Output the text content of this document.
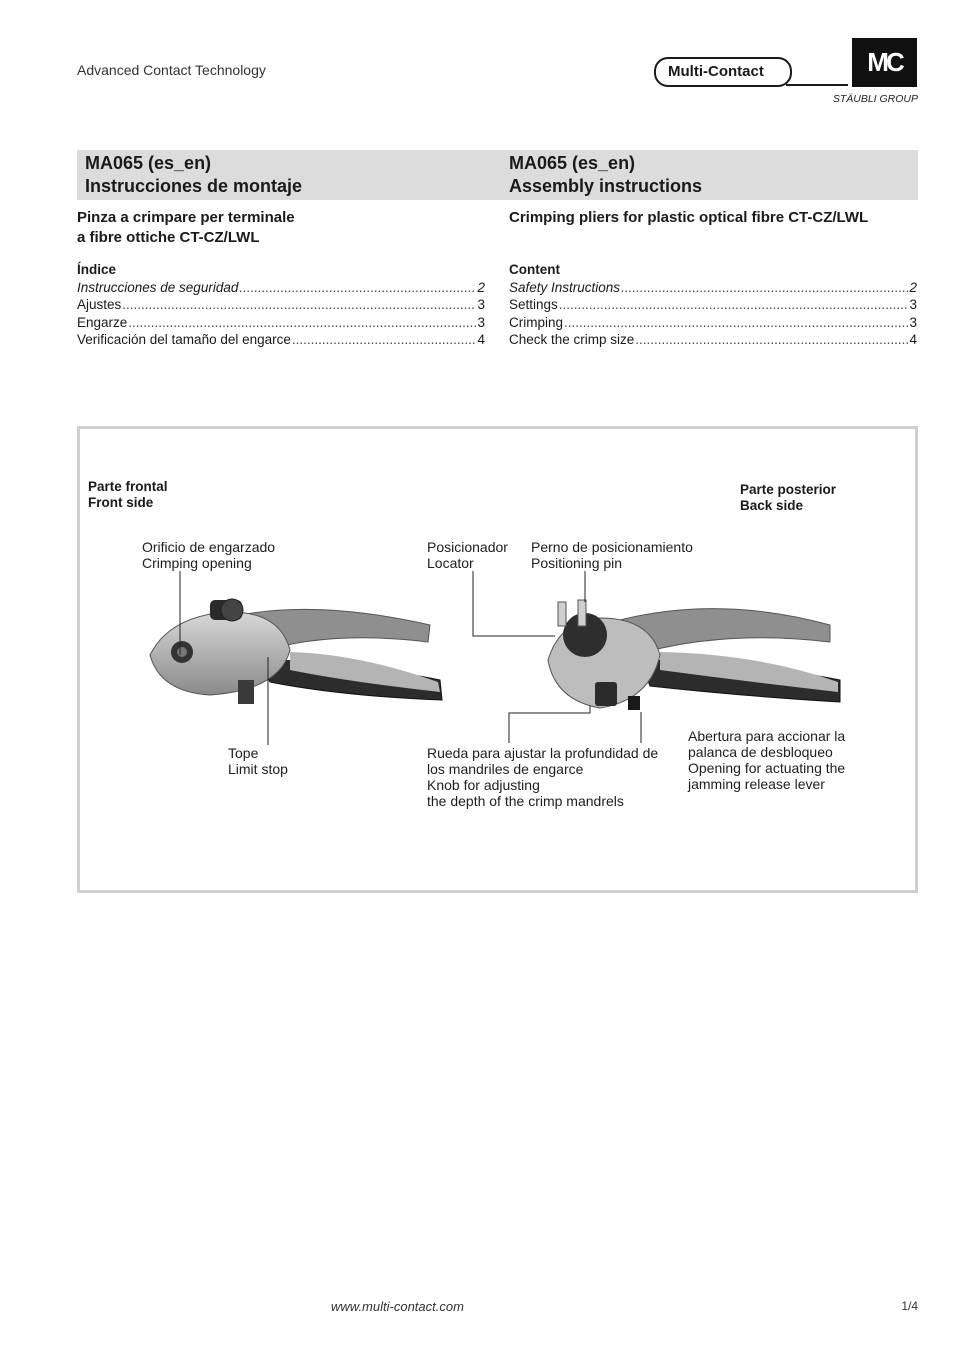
Advanced Contact Technology	Multi-Contact	MC
STÄUBLI GROUP
MA065 (es_en)
Instrucciones de montaje
MA065 (es_en)
Assembly instructions
Pinza a crimpare per terminale
a fibre ottiche CT-CZ/LWL
Crimping pliers for plastic optical fibre CT-CZ/LWL
Índice
Instrucciones de seguridad .....	2
Ajustes .....	3
Engarze .....	3
Verificación del tamaño del engarce .....	4
Content
Safety Instructions .....	2
Settings .....	3
Crimping .....	3
Check the crimp size .....	4
Parte frontal
Front side
Parte posterior
Back side
Orificio de engarzado
Crimping opening
Posicionador
Locator
Perno de posicionamiento
Positioning pin
Tope
Limit stop
Rueda para ajustar la profundidad de
los mandriles de engarce
Knob for adjusting
the depth of the crimp mandrels
Abertura para accionar la
palanca de desbloqueo
Opening for actuating the
jamming release lever
www.multi-contact.com	1/4
